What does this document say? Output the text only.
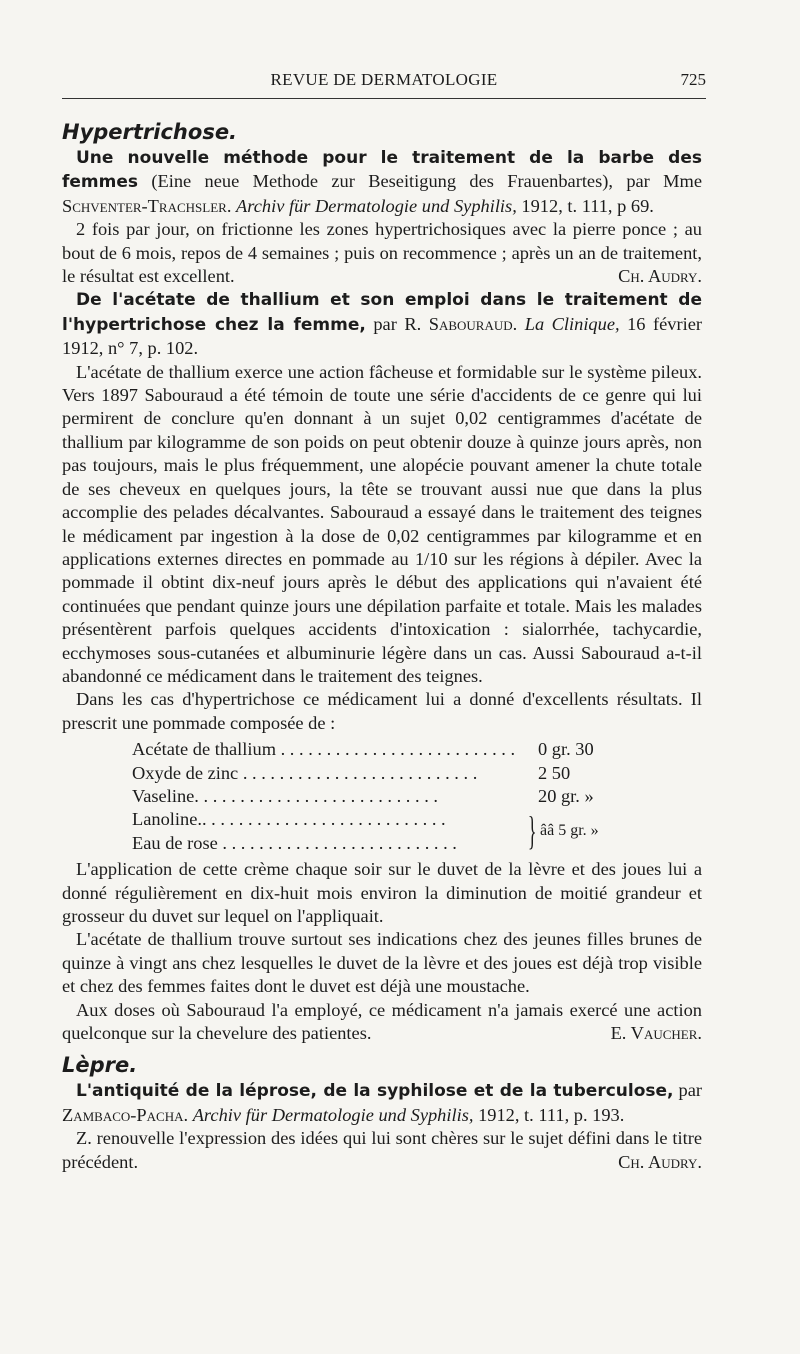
REVUE DE DERMATOLOGIE	725
Hypertrichose.

Une nouvelle méthode pour le traitement de la barbe des femmes (Eine neue Methode zur Beseitigung des Frauenbartes), par Mme Schventer-Trachsler. Archiv für Dermatologie und Syphilis, 1912, t. 111, p 69.

2 fois par jour, on frictionne les zones hypertrichosiques avec la pierre ponce ; au bout de 6 mois, repos de 4 semaines ; puis on recommence ; après un an de traitement, le résultat est excellent.	Ch. Audry.

De l'acétate de thallium et son emploi dans le traitement de l'hypertrichose chez la femme, par R. Sabouraud. La Clinique, 16 février 1912, n° 7, p. 102.

L'acétate de thallium exerce une action fâcheuse et formidable sur le système pileux. Vers 1897 Sabouraud a été témoin de toute une série d'accidents de ce genre qui lui permirent de conclure qu'en donnant à un sujet 0,02 centigrammes d'acétate de thallium par kilogramme de son poids on peut obtenir douze à quinze jours après, non pas toujours, mais le plus fréquemment, une alopécie pouvant amener la chute totale de ses cheveux en quelques jours, la tête se trouvant aussi nue que dans la plus accomplie des pelades décalvantes. Sabouraud a essayé dans le traitement des teignes le médicament par ingestion à la dose de 0,02 centigrammes par kilogramme et en applications externes directes en pommade au 1/10 sur les régions à dépiler. Avec la pommade il obtint dix-neuf jours après le début des applications qui n'avaient été continuées que pendant quinze jours une dépilation parfaite et totale. Mais les malades présentèrent parfois quelques accidents d'intoxication : sialorrhée, tachycardie, ecchymoses sous-cutanées et albuminurie légère dans un cas. Aussi Sabouraud a-t-il abandonné ce médicament dans le traitement des teignes.

Dans les cas d'hypertrichose ce médicament lui a donné d'excellents résultats. Il prescrit une pommade composée de :

Acétate de thallium . . .	0 gr. 30
Oxyde de zinc . . .	2 50
Vaseline. . . .	20 gr. »
Lanoline.. . . .
Eau de rose . . .	} ââ 5 gr. »

L'application de cette crème chaque soir sur le duvet de la lèvre et des joues lui a donné régulièrement en dix-huit mois environ la diminution de moitié grandeur et grosseur du duvet sur lequel on l'appliquait.

L'acétate de thallium trouve surtout ses indications chez des jeunes filles brunes de quinze à vingt ans chez lesquelles le duvet de la lèvre et des joues est déjà trop visible et chez des femmes faites dont le duvet est déjà une moustache.

Aux doses où Sabouraud l'a employé, ce médicament n'a jamais exercé une action quelconque sur la chevelure des patientes.	E. Vaucher.

Lèpre.

L'antiquité de la léprose, de la syphilose et de la tuberculose, par Zambaco-Pacha. Archiv für Dermatologie und Syphilis, 1912, t. 111, p. 193.

Z. renouvelle l'expression des idées qui lui sont chères sur le sujet défini dans le titre précédent.	Ch. Audry.
